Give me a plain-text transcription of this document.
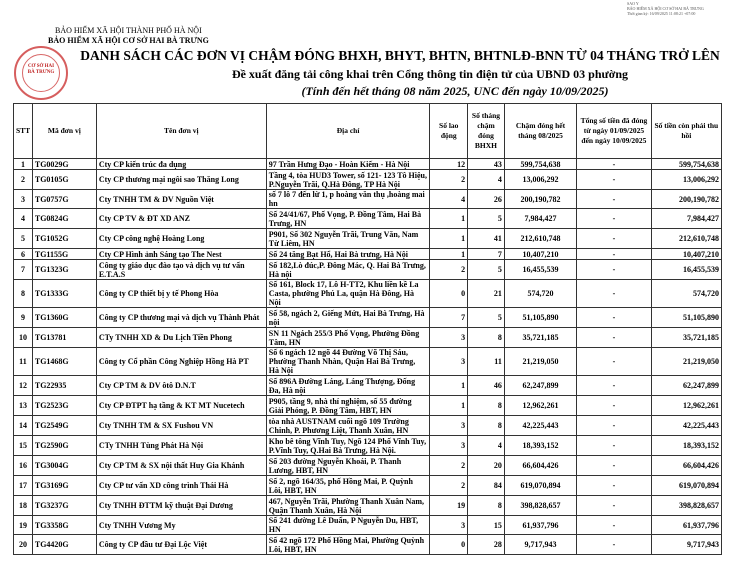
SAO Y
BẢO HIỂM XÃ HỘI CƠ SỞ HAI BÀ TRƯNG
Thời gian ký: 16/09/2025 11:08:21 +07:00
BẢO HIỂM XÃ HỘI THÀNH PHỐ HÀ NỘI
BẢO HIỂM XÃ HỘI CƠ SỞ HAI BÀ TRƯNG
CƠ SỞ HAI BÀ TRƯNG
DANH SÁCH CÁC ĐƠN VỊ CHẬM ĐÓNG BHXH, BHYT, BHTN, BHTNLĐ-BNN TỪ 04 THÁNG TRỞ LÊN
Đề xuất đăng tải công khai trên Cổng thông tin điện tử của UBND 03 phường
(Tính đến hết tháng 08 năm 2025, UNC đến ngày 10/09/2025)
STT	Mã đơn vị	Tên đơn vị	Địa chỉ	Số lao động	Số tháng chậm đóng BHXH	Chậm đóng hết tháng 08/2025	Tổng số tiền đã đóng từ ngày 01/09/2025 đến ngày 10/09/2025	Số tiền còn phải thu hồi
1	TG0029G	Cty CP kiến trúc đa dụng	97 Trần Hưng Đạo - Hoàn Kiếm - Hà Nội	12	43	599,754,638	-	599,754,638
2	TG0105G	Cty CP thương mại ngôi sao Thăng Long	Tầng 4, tòa HUD3 Tower, số 121- 123 Tô Hiệu, P.Nguyễn Trãi, Q.Hà Đông, TP Hà Nội	2	4	13,006,292	-	13,006,292
3	TG0757G	Cty TNHH TM & DV Nguồn Việt	số 7 lô 7 đến lừ 1, p hoàng văn thụ ,hoàng mai hn	4	26	200,190,782	-	200,190,782
4	TG0824G	Cty CP TV & ĐT XD ANZ	Số 24/41/67, Phố Vọng, P. Đồng Tâm, Hai Bà Trưng, HN	1	5	7,984,427	-	7,984,427
5	TG1052G	Cty CP công nghệ Hoàng Long	P901, Số 302 Nguyễn Trãi, Trung Văn, Nam Từ Liêm, HN	1	41	212,610,748	-	212,610,748
6	TG1155G	Cty CP Hình ảnh Sáng tạo The Nest	Số 24 tăng Bạt Hổ, Hai Bà trưng, Hà Nội	1	7	10,407,210	-	10,407,210
7	TG1323G	Công ty giáo dục đào tạo và dịch vụ tư vấn E.T.A.S	Số 182,Lò đúc,P. Đông Mác, Q. Hai Bà Trưng, Hà nội	2	5	16,455,539	-	16,455,539
8	TG1333G	Công ty CP thiết bị y tế Phong Hòa	Số 161, Block 17, Lô H-TT2, Khu liền kề La Casta, phường Phú La, quận Hà Đông, Hà Nội	0	21	574,720	-	574,720
9	TG1360G	Công ty CP thương mại và dịch vụ Thành Phát	Số 58, ngách 2, Giếng Mứt, Hai Bà Trưng, Hà nội	7	5	51,105,890	-	51,105,890
10	TG13781	CTy TNHH XD & Du Lịch Tiền Phong	SN 11 Ngách 255/3 Phố Vọng, Phường Đồng Tâm, HN	3	8	35,721,185	-	35,721,185
11	TG1468G	Công ty Cổ phần Công Nghiệp Hồng Hà PT	Số 6 ngách 12 ngõ 44 Đường Võ Thị Sáu, Phường Thanh Nhàn, Quận Hai Bà Trưng, Hà Nội	3	11	21,219,050	-	21,219,050
12	TG22935	Cty CP TM & DV ôtô D.N.T	Số 896A Đường Láng, Láng Thượng, Đống Đa, Hà nội	1	46	62,247,899	-	62,247,899
13	TG2523G	Cty CP ĐTPT hạ tầng & KT MT Nucetech	P905, tầng 9, nhà thí nghiệm, số 55 đường Giải Phóng, P. Đồng Tâm, HBT, HN	1	8	12,962,261	-	12,962,261
14	TG2549G	Cty TNHH TM & SX Fushou VN	tòa nhà AUSTNAM cuối ngõ 109 Trường Chinh, P. Phương Liệt, Thanh Xuân, HN	3	8	42,225,443	-	42,225,443
15	TG2590G	CTy TNHH Tùng Phát Hà Nội	Kho bê tông Vĩnh Tuy, Ngõ 124 Phố Vĩnh Tuy, P.Vĩnh Tuy, Q.Hai Bà Trưng, Hà Nội.	3	4	18,393,152	-	18,393,152
16	TG3004G	Cty CP TM & SX nội thất Huy Gia Khánh	Số 203 đường Nguyễn Khoái, P. Thanh Lương, HBT, HN	2	20	66,604,426	-	66,604,426
17	TG3169G	Cty CP tư vấn XD công trình Thái Hà	Số 2, ngõ 164/35, phố Hồng Mai, P. Quỳnh Lôi, HBT, HN	2	84	619,070,894	-	619,070,894
18	TG3237G	Cty TNHH ĐTTM kỹ thuật Đại Dương	467, Nguyễn Trãi, Phường Thanh Xuân Nam, Quận Thanh Xuân, Hà Nội	19	8	398,828,657	-	398,828,657
19	TG3358G	Cty TNHH Vương My	Số 241 đường Lê Duẩn, P Nguyễn Du, HBT, HN	3	15	61,937,796	-	61,937,796
20	TG4420G	Công ty CP đầu tư Đại Lộc Việt	Số 42 ngõ 172 Phố Hồng Mai, Phường Quỳnh Lôi, HBT, HN	0	28	9,717,943	-	9,717,943
